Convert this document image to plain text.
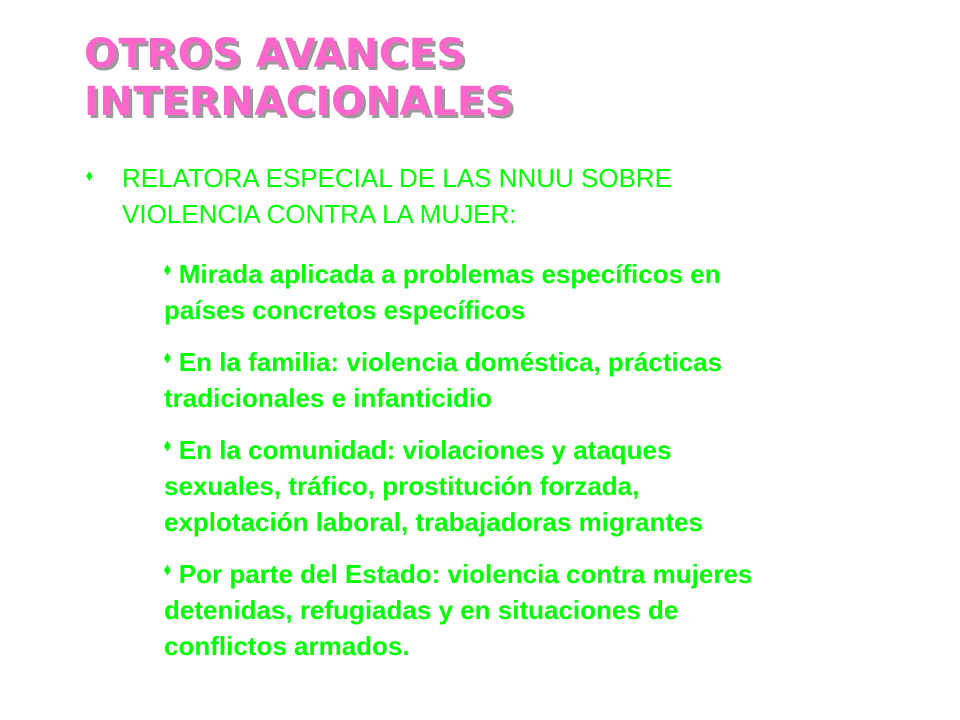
OTROS AVANCES
INTERNACIONALES
⬧ RELATORA ESPECIAL DE LAS NNUU SOBRE
VIOLENCIA CONTRA LA MUJER:
⬧ Mirada aplicada a problemas específicos en
países concretos específicos
⬧ En la familia: violencia doméstica, prácticas
tradicionales e infanticidio
⬧ En la comunidad: violaciones y ataques
sexuales, tráfico, prostitución forzada,
explotación laboral, trabajadoras migrantes
⬧ Por parte del Estado: violencia contra mujeres
detenidas, refugiadas y en situaciones de
conflictos armados.
